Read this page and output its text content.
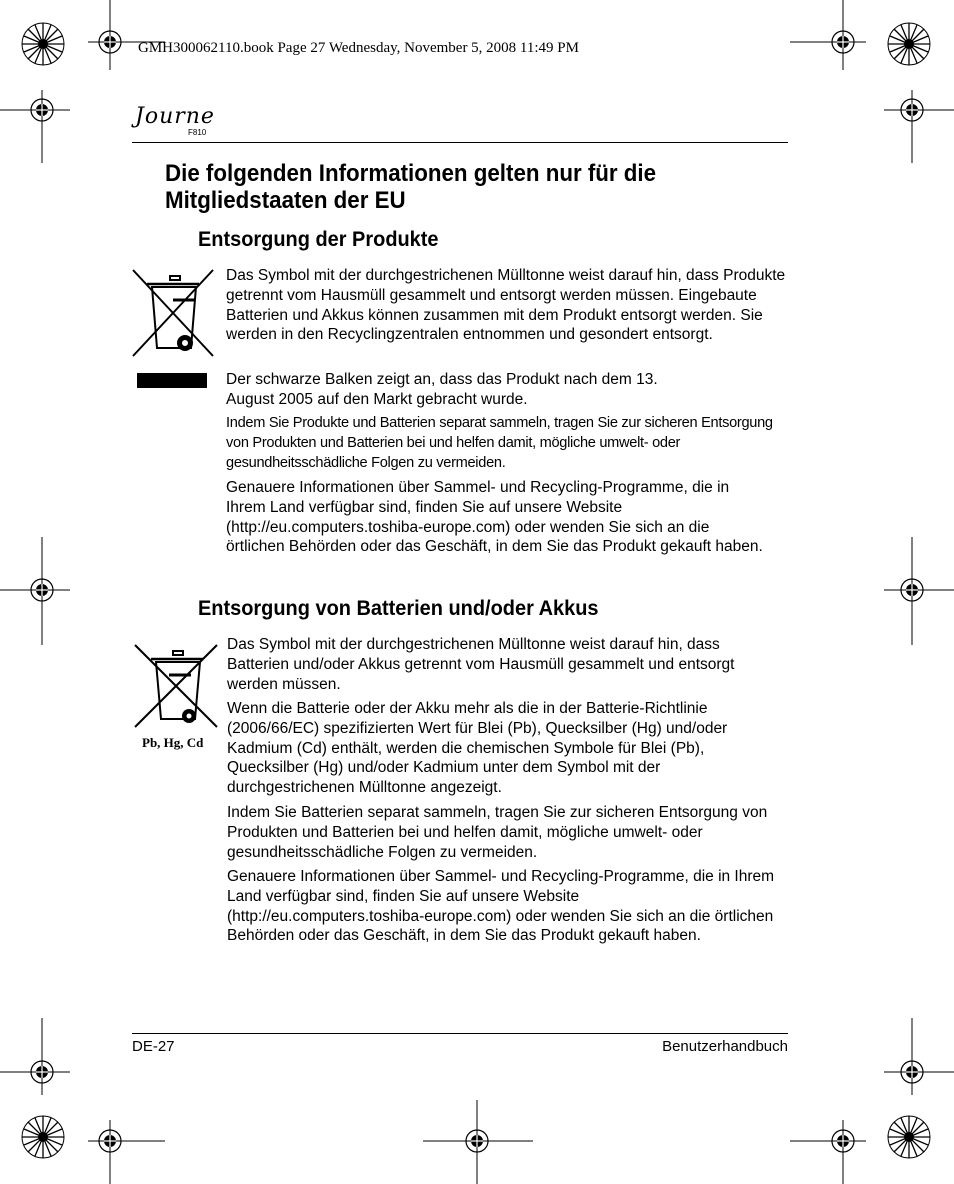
GMH300062110.book Page 27 Wednesday, November 5, 2008 11:49 PM
Journe
F810
Die folgenden Informationen gelten nur für die Mitgliedstaaten der EU
Entsorgung der Produkte
Das Symbol mit der durchgestrichenen Mülltonne weist darauf hin, dass Produkte getrennt vom Hausmüll gesammelt und entsorgt werden müssen. Eingebaute Batterien und Akkus können zusammen mit dem Produkt entsorgt werden. Sie werden in den Recyclingzentralen entnommen und gesondert entsorgt.
Der schwarze Balken zeigt an, dass das Produkt nach dem 13. August 2005 auf den Markt gebracht wurde.
Indem Sie Produkte und Batterien separat sammeln, tragen Sie zur sicheren Entsorgung von Produkten und Batterien bei und helfen damit, mögliche umwelt- oder gesundheitsschädliche Folgen zu vermeiden.
Genauere Informationen über Sammel- und Recycling-Programme, die in Ihrem Land verfügbar sind, finden Sie auf unsere Website (http://eu.computers.toshiba-europe.com) oder wenden Sie sich an die örtlichen Behörden oder das Geschäft, in dem Sie das Produkt gekauft haben.
Entsorgung von Batterien und/oder Akkus
Pb, Hg, Cd
Das Symbol mit der durchgestrichenen Mülltonne weist darauf hin, dass Batterien und/oder Akkus getrennt vom Hausmüll gesammelt und entsorgt werden müssen.
Wenn die Batterie oder der Akku mehr als die in der Batterie-Richtlinie (2006/66/EC) spezifizierten Wert für Blei (Pb), Quecksilber (Hg) und/oder Kadmium (Cd) enthält, werden die chemischen Symbole für Blei (Pb), Quecksilber (Hg) und/oder Kadmium unter dem Symbol mit der durchgestrichenen Mülltonne angezeigt.
Indem Sie Batterien separat sammeln, tragen Sie zur sicheren Entsorgung von Produkten und Batterien bei und helfen damit, mögliche umwelt- oder gesundheitsschädliche Folgen zu vermeiden.
Genauere Informationen über Sammel- und Recycling-Programme, die in Ihrem Land verfügbar sind, finden Sie auf unsere Website (http://eu.computers.toshiba-europe.com) oder wenden Sie sich an die örtlichen Behörden oder das Geschäft, in dem Sie das Produkt gekauft haben.
DE-27	Benutzerhandbuch
